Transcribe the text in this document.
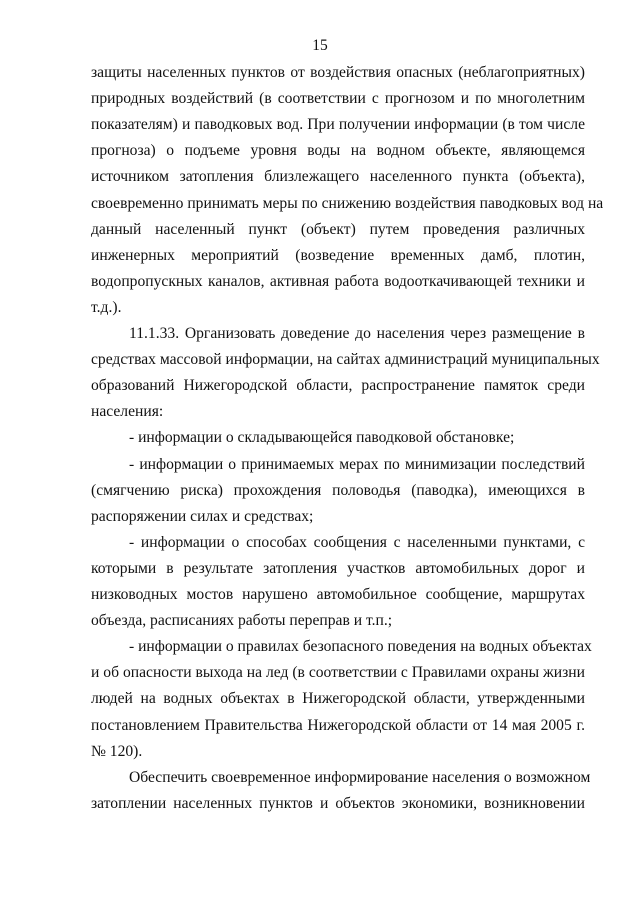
15
защиты населенных пунктов от воздействия опасных (неблагоприятных)
природных воздействий (в соответствии с прогнозом и по многолетним
показателям) и паводковых вод. При получении информации (в том числе
прогноза) о подъеме уровня воды на водном объекте, являющемся
источником затопления близлежащего населенного пункта (объекта),
своевременно принимать меры по снижению воздействия паводковых вод на
данный населенный пункт (объект) путем проведения различных
инженерных мероприятий (возведение временных дамб, плотин,
водопропускных каналов, активная работа водооткачивающей техники и
т.д.).
11.1.33. Организовать доведение до населения через размещение в
средствах массовой информации, на сайтах администраций муниципальных
образований Нижегородской области, распространение памяток среди
населения:
- информации о складывающейся паводковой обстановке;
- информации о принимаемых мерах по минимизации последствий
(смягчению риска) прохождения половодья (паводка), имеющихся в
распоряжении силах и средствах;
- информации о способах сообщения с населенными пунктами, с
которыми в результате затопления участков автомобильных дорог и
низководных мостов нарушено автомобильное сообщение, маршрутах
объезда, расписаниях работы переправ и т.п.;
- информации о правилах безопасного поведения на водных объектах
и об опасности выхода на лед (в соответствии с Правилами охраны жизни
людей на водных объектах в Нижегородской области, утвержденными
постановлением Правительства Нижегородской области от 14 мая 2005 г.
№ 120).
Обеспечить своевременное информирование населения о возможном
затоплении населенных пунктов и объектов экономики, возникновении
